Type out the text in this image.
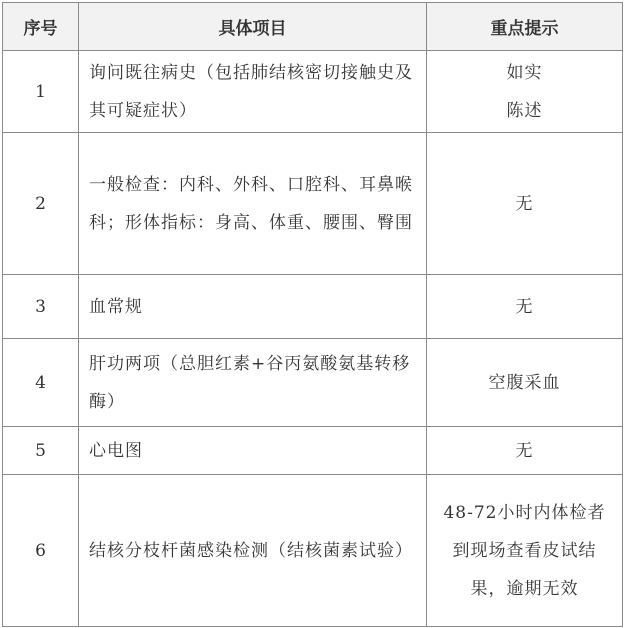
序号	具体项目	重点提示
1	询问既往病史（包括肺结核密切接触史及其可疑症状）	如实陈述

2	一般检查：内科、外科、口腔科、耳鼻喉科；形体指标：身高、体重、腰围、臀围	无
3	血常规	无
4	肝功两项（总胆红素+谷丙氨酸氨基转移酶）	空腹采血
5	心电图	无
6	结核分枝杆菌感染检测（结核菌素试验）	48-72小时内体检者到现场查看皮试结果，逾期无效
